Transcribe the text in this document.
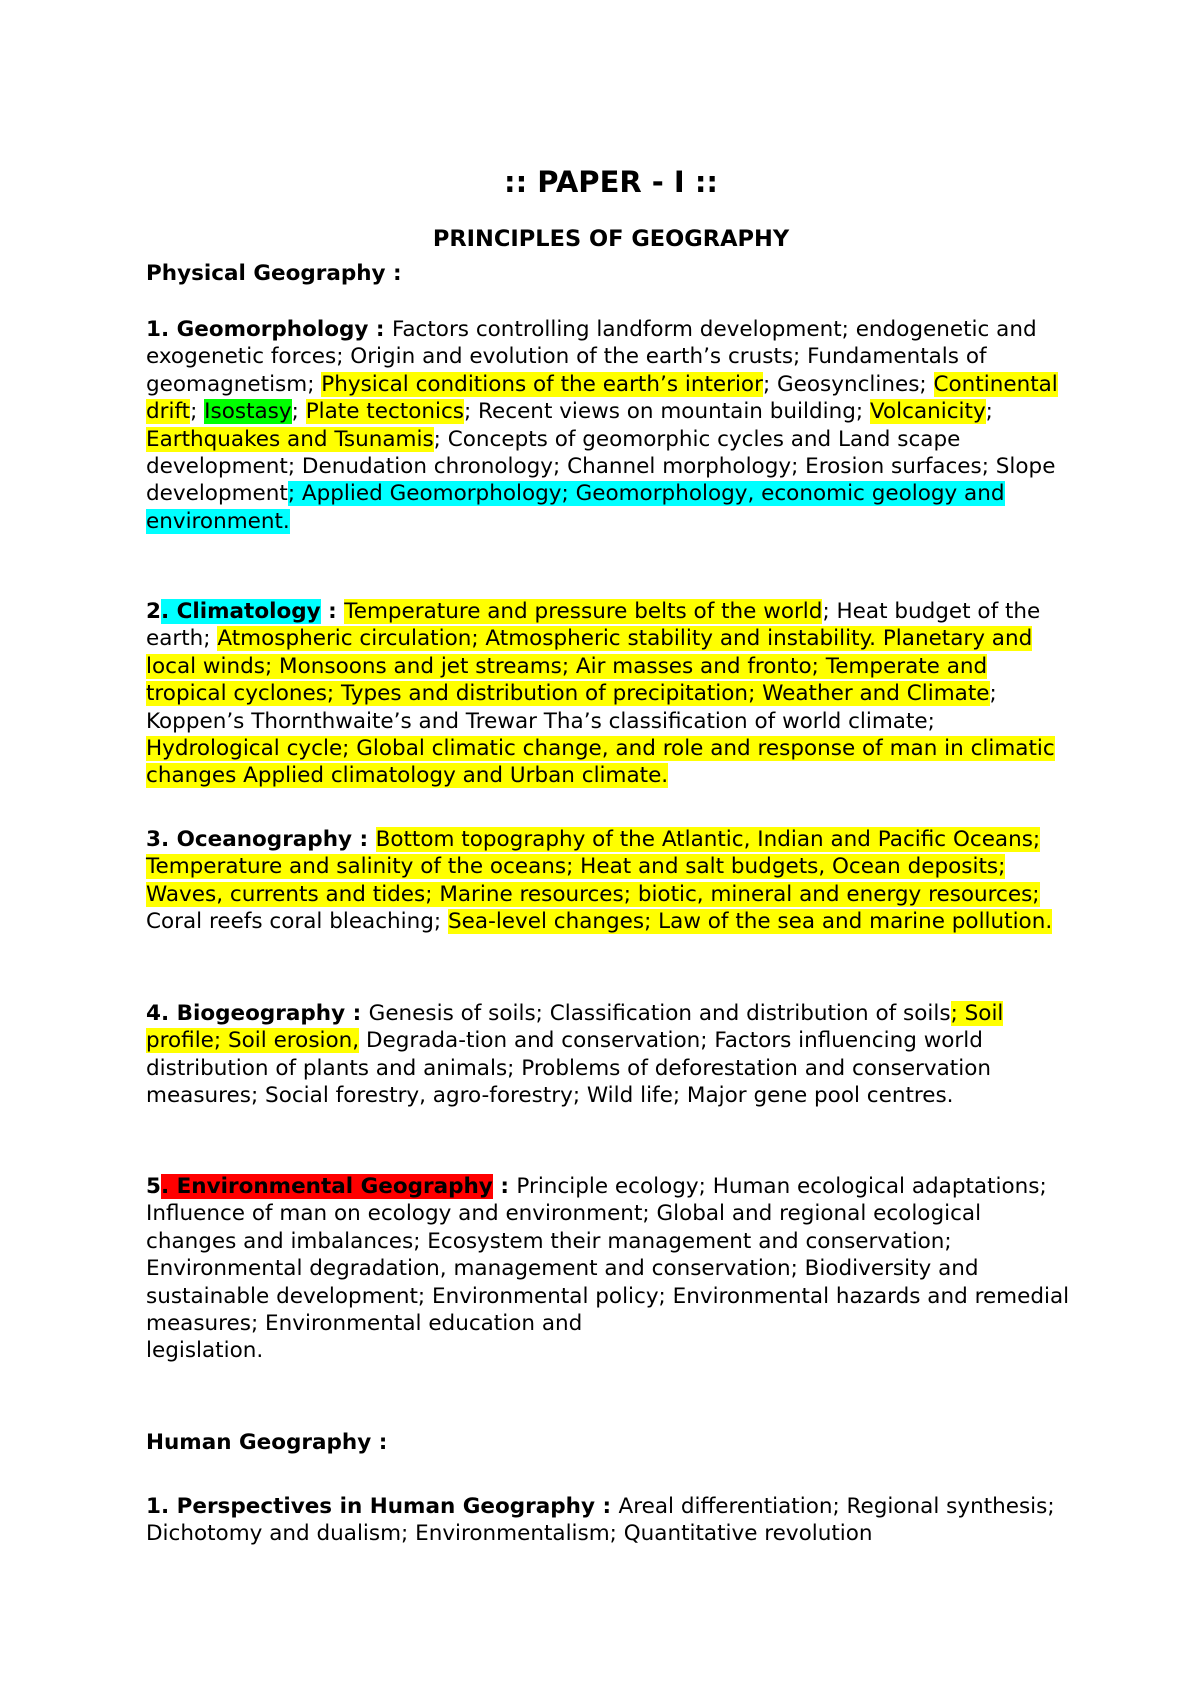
:: PAPER - I ::
PRINCIPLES OF GEOGRAPHY

Physical Geography :

1. Geomorphology : Factors controlling landform development; endogenetic and exogenetic forces; Origin and evolution of the earth’s crusts; Fundamentals of geomagnetism; Physical conditions of the earth’s interior; Geosynclines; Continental drift; Isostasy; Plate tectonics; Recent views on mountain building; Volcanicity; Earthquakes and Tsunamis; Concepts of geomorphic cycles and Land scape development; Denudation chronology; Channel morphology; Erosion surfaces; Slope development; Applied Geomorphology; Geomorphology, economic geology and environment.

2. Climatology : Temperature and pressure belts of the world; Heat budget of the earth; Atmospheric circulation; Atmospheric stability and instability. Planetary and local winds; Monsoons and jet streams; Air masses and fronto; Temperate and tropical cyclones; Types and distribution of precipitation; Weather and Climate; Koppen’s Thornthwaite’s and Trewar Tha’s classification of world climate; Hydrological cycle; Global climatic change, and role and response of man in climatic changes Applied climatology and Urban climate.

3. Oceanography : Bottom topography of the Atlantic, Indian and Pacific Oceans; Temperature and salinity of the oceans; Heat and salt budgets, Ocean deposits; Waves, currents and tides; Marine resources; biotic, mineral and energy resources; Coral reefs coral bleaching; Sea-level changes; Law of the sea and marine pollution.

4. Biogeography : Genesis of soils; Classification and distribution of soils; Soil profile; Soil erosion, Degrada-tion and conservation; Factors influencing world distribution of plants and animals; Problems of deforestation and conservation measures; Social forestry, agro-forestry; Wild life; Major gene pool centres.

5. Environmental Geography : Principle ecology; Human ecological adaptations; Influence of man on ecology and environment; Global and regional ecological changes and imbalances; Ecosystem their management and conservation; Environmental degradation, management and conservation; Biodiversity and sustainable development; Environmental policy; Environmental hazards and remedial measures; Environmental education and
legislation.

Human Geography :

1. Perspectives in Human Geography : Areal differentiation; Regional synthesis; Dichotomy and dualism; Environmentalism; Quantitative revolution
